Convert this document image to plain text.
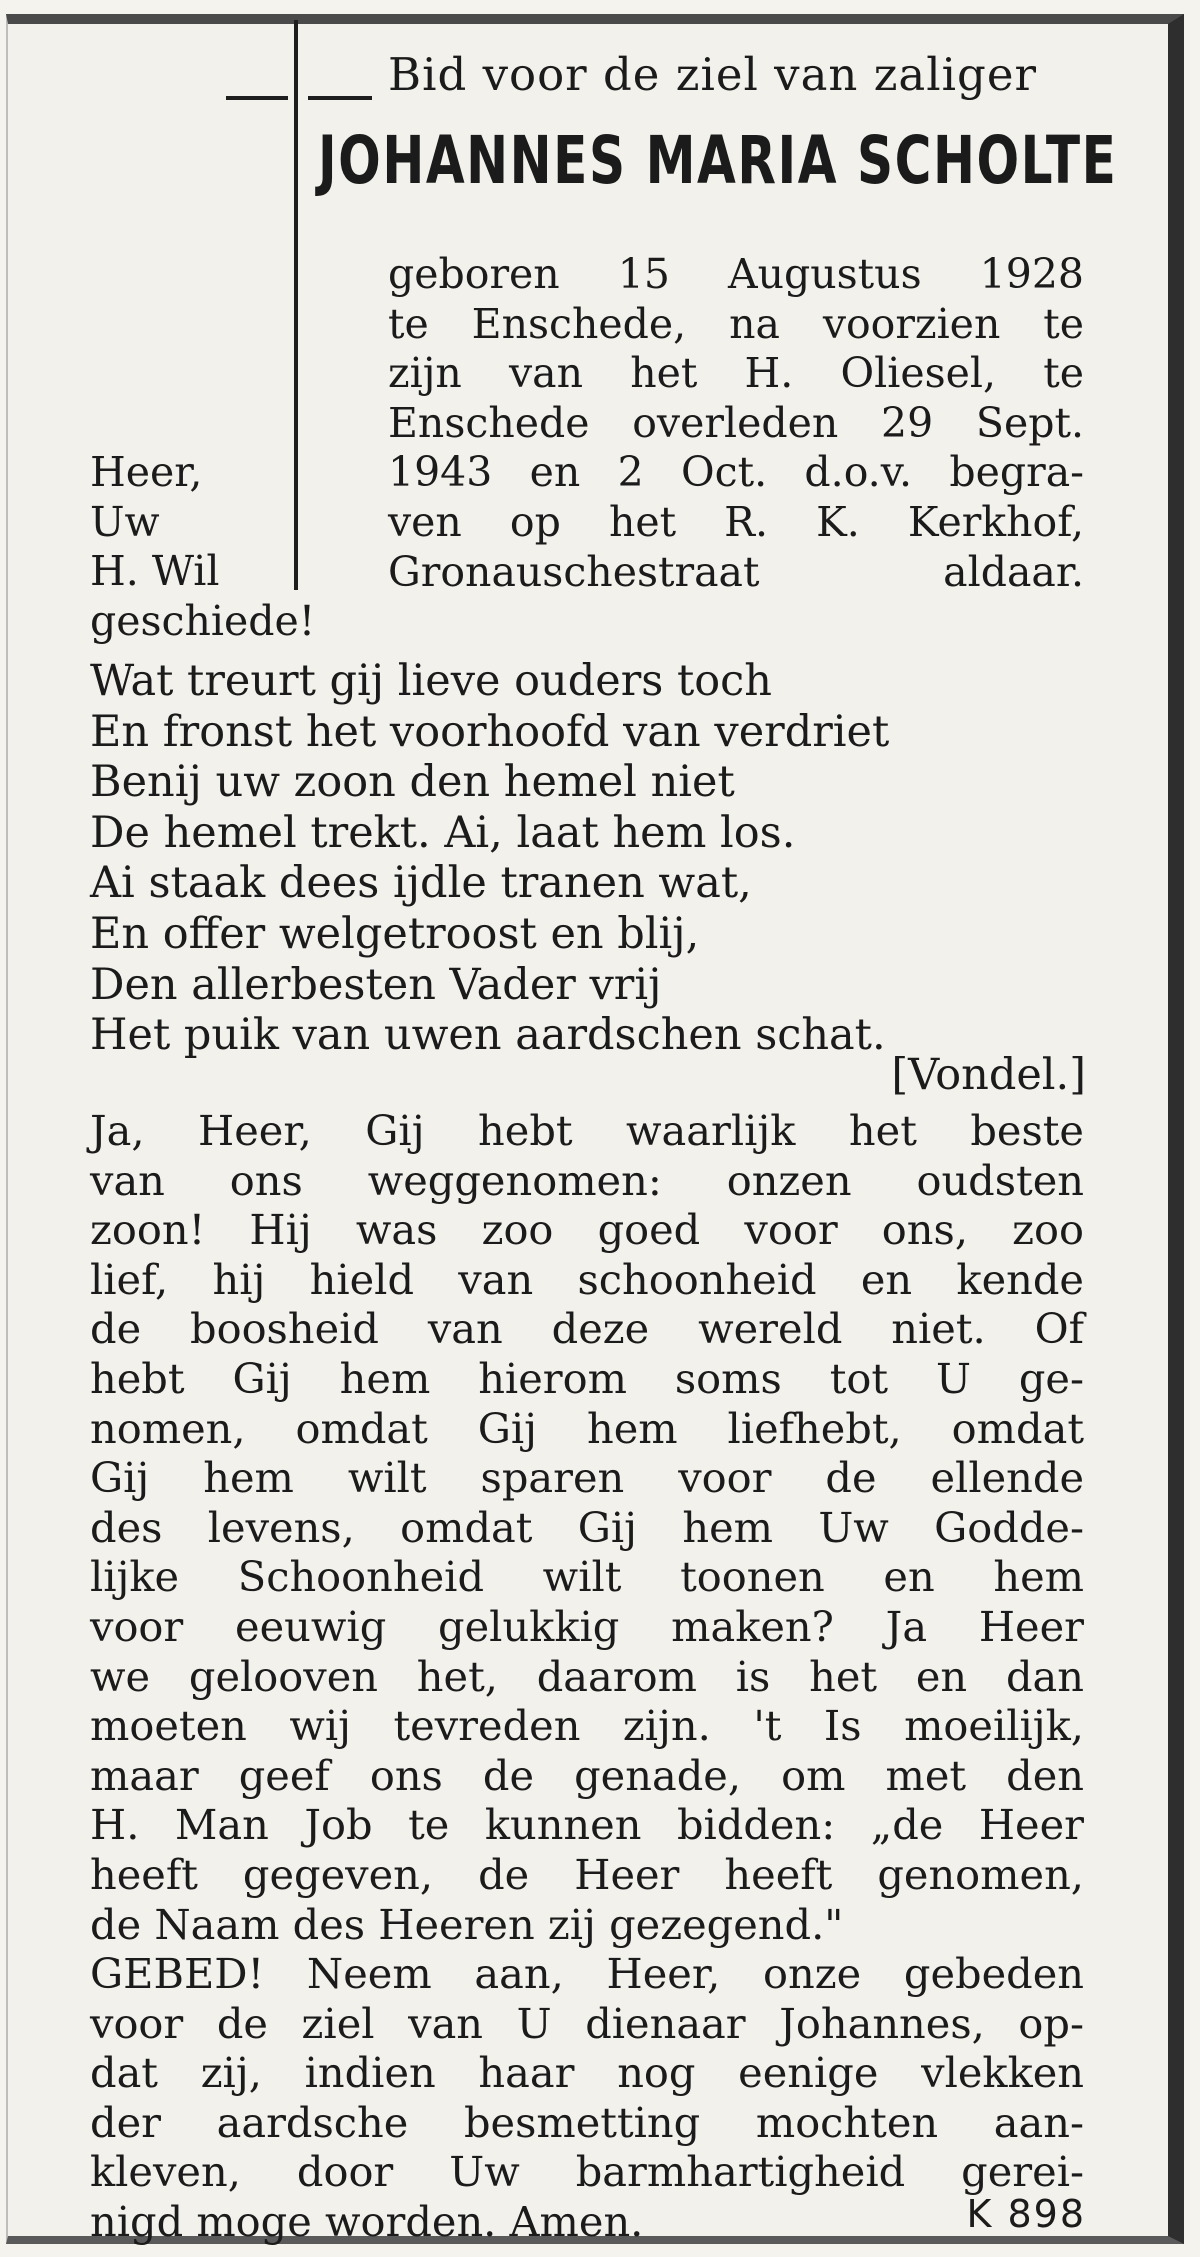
Bid voor de ziel van zaliger

JOHANNES MARIA SCHOLTE

geboren 15 Augustus 1928
te Enschede, na voorzien te
zijn van het H. Oliesel, te
Enschede overleden 29 Sept.
1943 en 2 Oct. d.o.v. begra-
ven op het R. K. Kerkhof,
Gronauschestraat aldaar.
Heer,
Uw
H. Wil
geschiede!
Wat treurt gij lieve ouders toch
En fronst het voorhoofd van verdriet
Benij uw zoon den hemel niet
De hemel trekt. Ai, laat hem los.
Ai staak dees ijdle tranen wat,
En offer welgetroost en blij,
Den allerbesten Vader vrij
Het puik van uwen aardschen schat.

[Vondel.]

Ja, Heer, Gij hebt waarlijk het beste
van ons weggenomen: onzen oudsten
zoon! Hij was zoo goed voor ons, zoo
lief, hij hield van schoonheid en kende
de boosheid van deze wereld niet. Of
hebt Gij hem hierom soms tot U ge-
nomen, omdat Gij hem liefhebt, omdat
Gij hem wilt sparen voor de ellende
des levens, omdat Gij hem Uw Godde-
lijke Schoonheid wilt toonen en hem
voor eeuwig gelukkig maken? Ja Heer
we gelooven het, daarom is het en dan
moeten wij tevreden zijn. 't Is moeilijk,
maar geef ons de genade, om met den
H. Man Job te kunnen bidden: „de Heer
heeft gegeven, de Heer heeft genomen,
de Naam des Heeren zij gezegend."
GEBED! Neem aan, Heer, onze gebeden
voor de ziel van U dienaar Johannes, op-
dat zij, indien haar nog eenige vlekken
der aardsche besmetting mochten aan-
kleven, door Uw barmhartigheid gerei-
nigd moge worden. Amen.	K 898
